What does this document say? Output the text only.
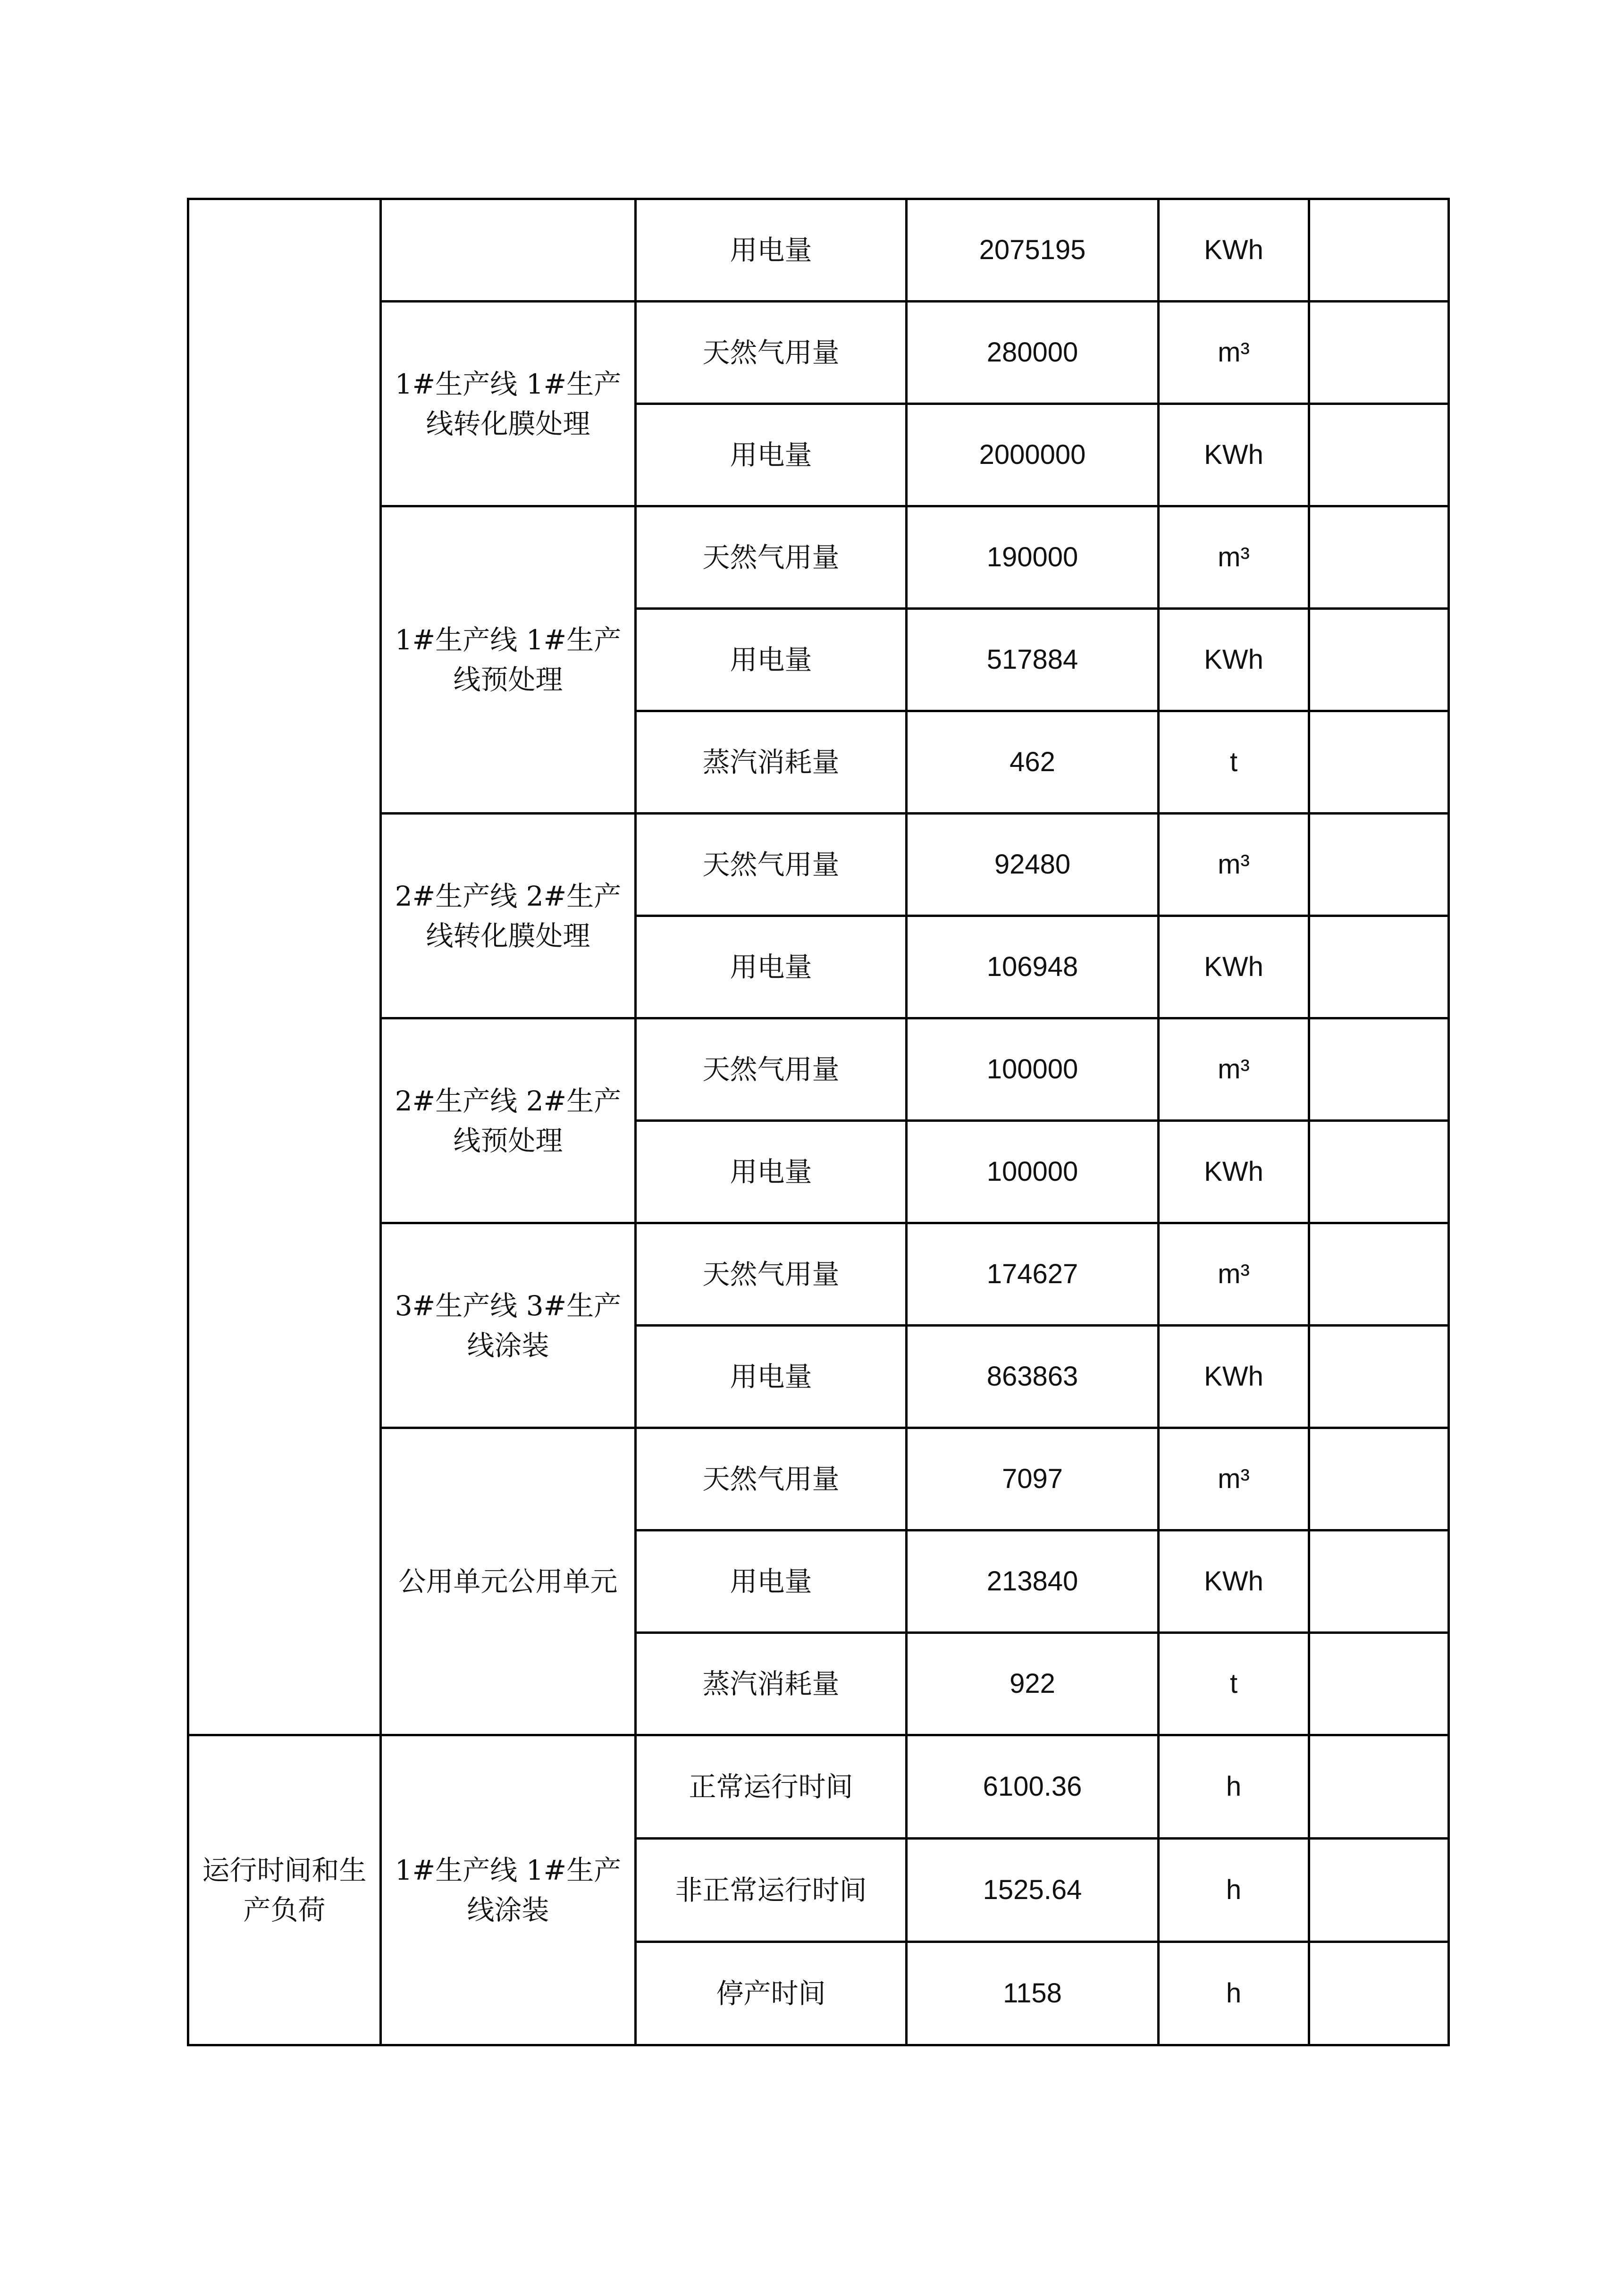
		用电量	2075195	KWh	
	1#生产线 1#生产线转化膜处理	天然气用量	280000	m³	
		用电量	2000000	KWh	
	1#生产线 1#生产线预处理	天然气用量	190000	m³	
		用电量	517884	KWh	
		蒸汽消耗量	462	t	
	2#生产线 2#生产线转化膜处理	天然气用量	92480	m³	
		用电量	106948	KWh	
	2#生产线 2#生产线预处理	天然气用量	100000	m³	
		用电量	100000	KWh	
	3#生产线 3#生产线涂装	天然气用量	174627	m³	
		用电量	863863	KWh	
	公用单元公用单元	天然气用量	7097	m³	
		用电量	213840	KWh	
		蒸汽消耗量	922	t	
运行时间和生产负荷	1#生产线 1#生产线涂装	正常运行时间	6100.36	h	
		非正常运行时间	1525.64	h	
		停产时间	1158	h	
